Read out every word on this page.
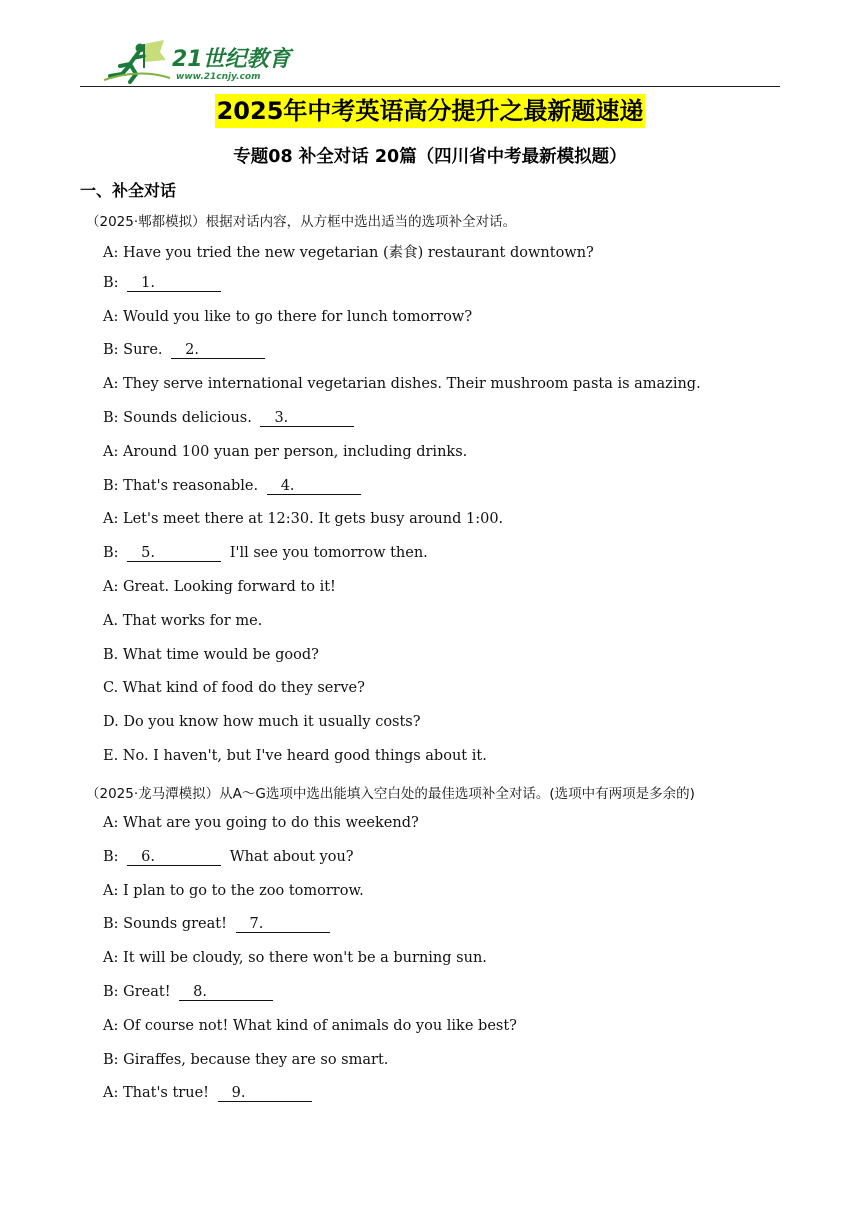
21世纪教育
www.21cnjy.com
2025年中考英语高分提升之最新题速递
专题08 补全对话 20篇（四川省中考最新模拟题）
一、补全对话
（2025·郫都模拟）根据对话内容，从方框中选出适当的选项补全对话。
A: Have you tried the new vegetarian (素食) restaurant downtown?
B: 1.
A: Would you like to go there for lunch tomorrow?
B: Sure. 2.
A: They serve international vegetarian dishes. Their mushroom pasta is amazing.
B: Sounds delicious. 3.
A: Around 100 yuan per person, including drinks.
B: That's reasonable. 4.
A: Let's meet there at 12:30. It gets busy around 1:00.
B: 5.	I'll see you tomorrow then.
A: Great. Looking forward to it!
A. That works for me.
B. What time would be good?
C. What kind of food do they serve?
D. Do you know how much it usually costs?
E. No. I haven't, but I've heard good things about it.
（2025·龙马潭模拟）从A～G选项中选出能填入空白处的最佳选项补全对话。(选项中有两项是多余的)
A: What are you going to do this weekend?
B: 6.	What about you?
A: I plan to go to the zoo tomorrow.
B: Sounds great! 7.
A: It will be cloudy, so there won't be a burning sun.
B: Great! 8.
A: Of course not! What kind of animals do you like best?
B: Giraffes, because they are so smart.
A: That's true! 9.
